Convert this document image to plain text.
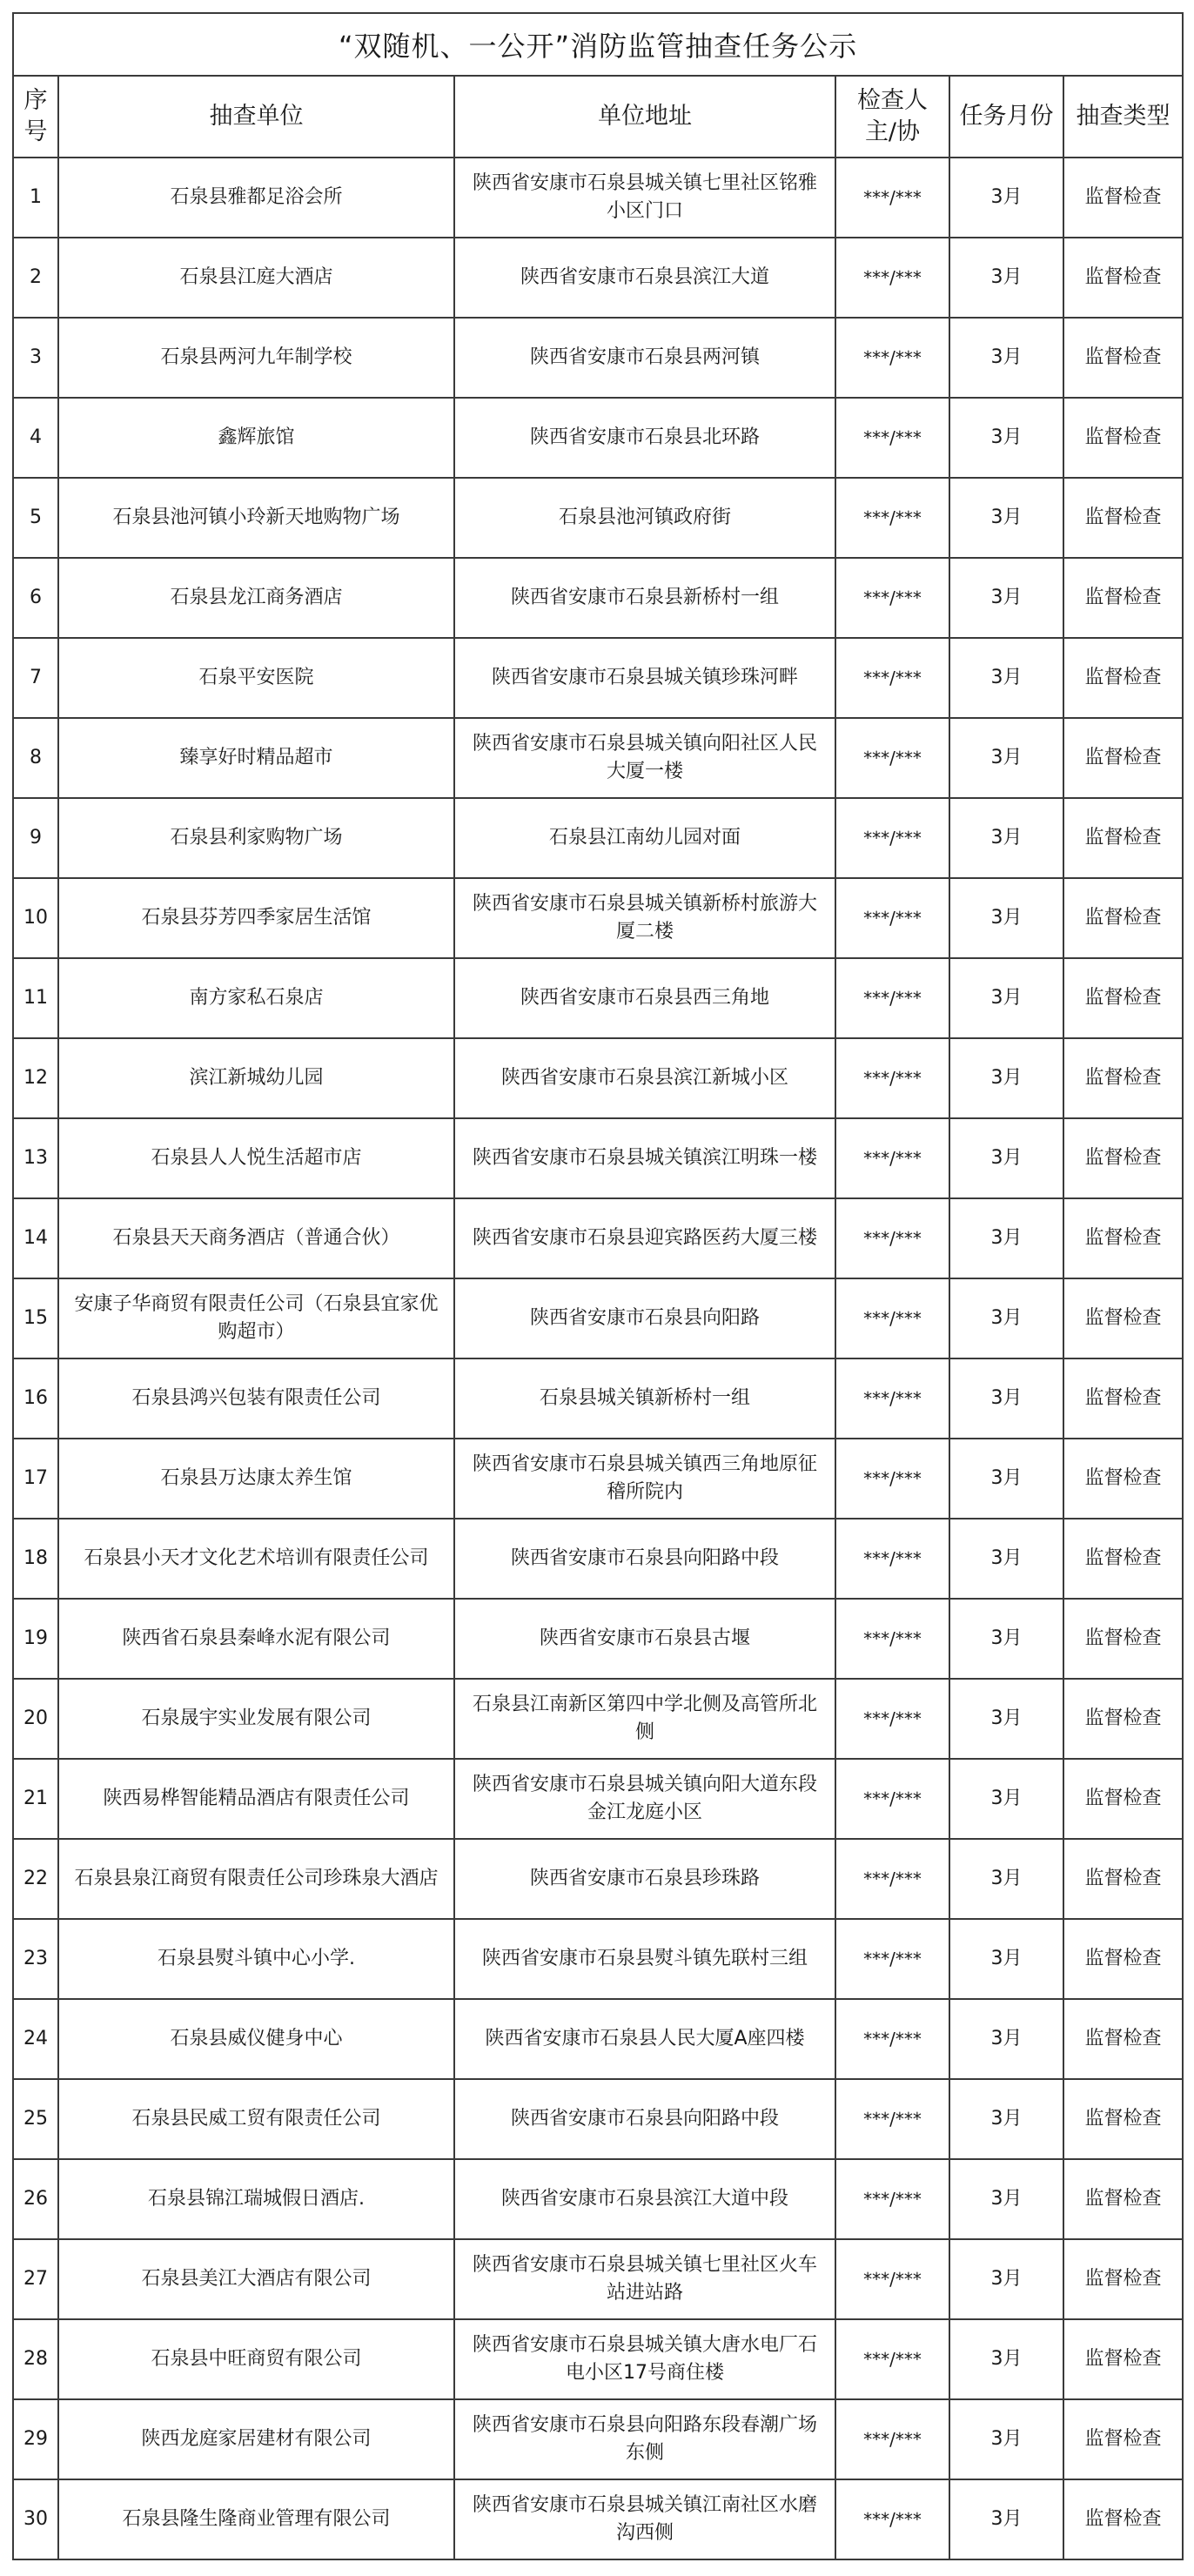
“双随机、一公开”消防监管抽查任务公示					
序号	抽查单位	单位地址	检查人主/协	任务月份	抽查类型
1	石泉县雅都足浴会所	陕西省安康市石泉县城关镇七里社区铭雅小区门口	***/***	3月	监督检查
2	石泉县江庭大酒店	陕西省安康市石泉县滨江大道	***/***	3月	监督检查
3	石泉县两河九年制学校	陕西省安康市石泉县两河镇	***/***	3月	监督检查
4	鑫辉旅馆	陕西省安康市石泉县北环路	***/***	3月	监督检查
5	石泉县池河镇小玲新天地购物广场	石泉县池河镇政府街	***/***	3月	监督检查
6	石泉县龙江商务酒店	陕西省安康市石泉县新桥村一组	***/***	3月	监督检查
7	石泉平安医院	陕西省安康市石泉县城关镇珍珠河畔	***/***	3月	监督检查
8	臻享好时精品超市	陕西省安康市石泉县城关镇向阳社区人民大厦一楼	***/***	3月	监督检查
9	石泉县利家购物广场	石泉县江南幼儿园对面	***/***	3月	监督检查
10	石泉县芬芳四季家居生活馆	陕西省安康市石泉县城关镇新桥村旅游大厦二楼	***/***	3月	监督检查
11	南方家私石泉店	陕西省安康市石泉县西三角地	***/***	3月	监督检查
12	滨江新城幼儿园	陕西省安康市石泉县滨江新城小区	***/***	3月	监督检查
13	石泉县人人悦生活超市店	陕西省安康市石泉县城关镇滨江明珠一楼	***/***	3月	监督检查
14	石泉县天天商务酒店（普通合伙）	陕西省安康市石泉县迎宾路医药大厦三楼	***/***	3月	监督检查
15	安康子华商贸有限责任公司（石泉县宜家优购超市）	陕西省安康市石泉县向阳路	***/***	3月	监督检查
16	石泉县鸿兴包装有限责任公司	石泉县城关镇新桥村一组	***/***	3月	监督检查
17	石泉县万达康太养生馆	陕西省安康市石泉县城关镇西三角地原征稽所院内	***/***	3月	监督检查
18	石泉县小天才文化艺术培训有限责任公司	陕西省安康市石泉县向阳路中段	***/***	3月	监督检查
19	陕西省石泉县秦峰水泥有限公司	陕西省安康市石泉县古堰	***/***	3月	监督检查
20	石泉晟宇实业发展有限公司	石泉县江南新区第四中学北侧及高管所北侧	***/***	3月	监督检查
21	陕西易桦智能精品酒店有限责任公司	陕西省安康市石泉县城关镇向阳大道东段金江龙庭小区	***/***	3月	监督检查
22	石泉县泉江商贸有限责任公司珍珠泉大酒店	陕西省安康市石泉县珍珠路	***/***	3月	监督检查
23	石泉县熨斗镇中心小学.	陕西省安康市石泉县熨斗镇先联村三组	***/***	3月	监督检查
24	石泉县威仪健身中心	陕西省安康市石泉县人民大厦A座四楼	***/***	3月	监督检查
25	石泉县民威工贸有限责任公司	陕西省安康市石泉县向阳路中段	***/***	3月	监督检查
26	石泉县锦江瑞城假日酒店.	陕西省安康市石泉县滨江大道中段	***/***	3月	监督检查
27	石泉县美江大酒店有限公司	陕西省安康市石泉县城关镇七里社区火车站进站路	***/***	3月	监督检查
28	石泉县中旺商贸有限公司	陕西省安康市石泉县城关镇大唐水电厂石电小区17号商住楼	***/***	3月	监督检查
29	陕西龙庭家居建材有限公司	陕西省安康市石泉县向阳路东段春潮广场东侧	***/***	3月	监督检查
30	石泉县隆生隆商业管理有限公司	陕西省安康市石泉县城关镇江南社区水磨沟西侧	***/***	3月	监督检查
